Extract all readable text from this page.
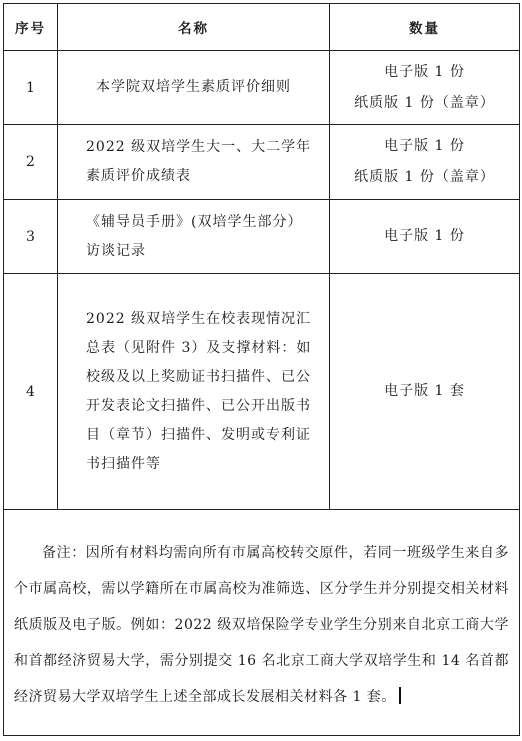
序号	名称	数量
1	本学院双培学生素质评价细则	电子版 1 份
纸质版 1 份（盖章）

2	2022 级双培学生大一、大二学年素质评价成绩表	电子版 1 份
纸质版 1 份（盖章）

3	《辅导员手册》(双培学生部分）访谈记录	电子版 1 份

4	2022 级双培学生在校表现情况汇总表（见附件 3）及支撑材料：如校级及以上奖励证书扫描件、已公开发表论文扫描件、已公开出版书目（章节）扫描件、发明或专利证书扫描件等	电子版 1 套

备注：因所有材料均需向所有市属高校转交原件，若同一班级学生来自多个市属高校，需以学籍所在市属高校为准筛选、区分学生并分别提交相关材料纸质版及电子版。例如：2022 级双培保险学专业学生分别来自北京工商大学和首都经济贸易大学，需分别提交 16 名北京工商大学双培学生和 14 名首都经济贸易大学双培学生上述全部成长发展相关材料各 1 套。		
